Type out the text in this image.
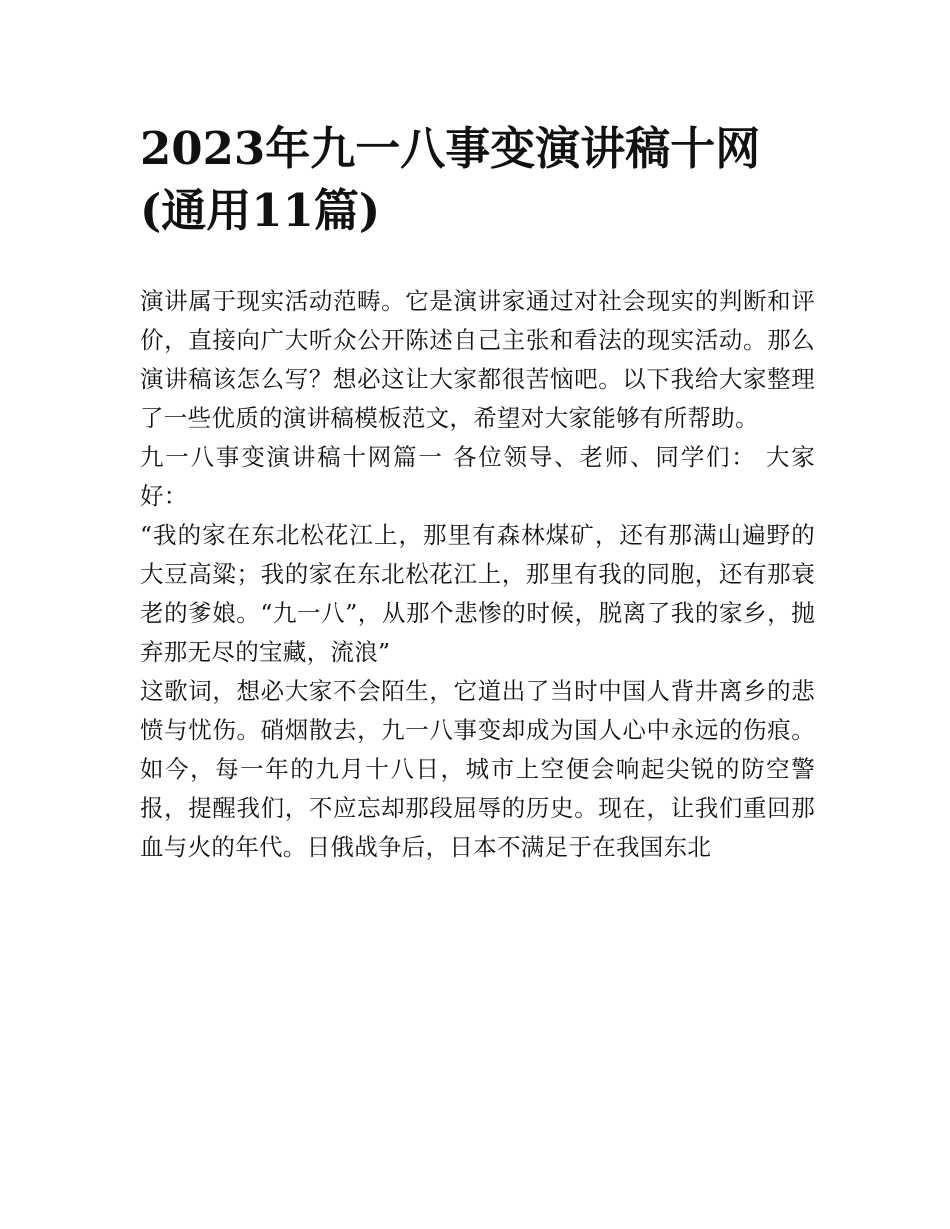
2023年九一八事变演讲稿十网(通用11篇)

演讲属于现实活动范畴。它是演讲家通过对社会现实的判断和评价，直接向广大听众公开陈述自己主张和看法的现实活动。那么演讲稿该怎么写？想必这让大家都很苦恼吧。以下我给大家整理了一些优质的演讲稿模板范文，希望对大家能够有所帮助。

九一八事变演讲稿十网篇一 各位领导、老师、同学们： 大家好：

“我的家在东北松花江上，那里有森林煤矿，还有那满山遍野的大豆高粱；我的家在东北松花江上，那里有我的同胞，还有那衰老的爹娘。“九一八”，从那个悲惨的时候，脱离了我的家乡，抛弃那无尽的宝藏，流浪”

这歌词，想必大家不会陌生，它道出了当时中国人背井离乡的悲愤与忧伤。硝烟散去，九一八事变却成为国人心中永远的伤痕。如今，每一年的九月十八日，城市上空便会响起尖锐的防空警报，提醒我们，不应忘却那段屈辱的历史。现在，让我们重回那血与火的年代。日俄战争后，日本不满足于在我国东北
